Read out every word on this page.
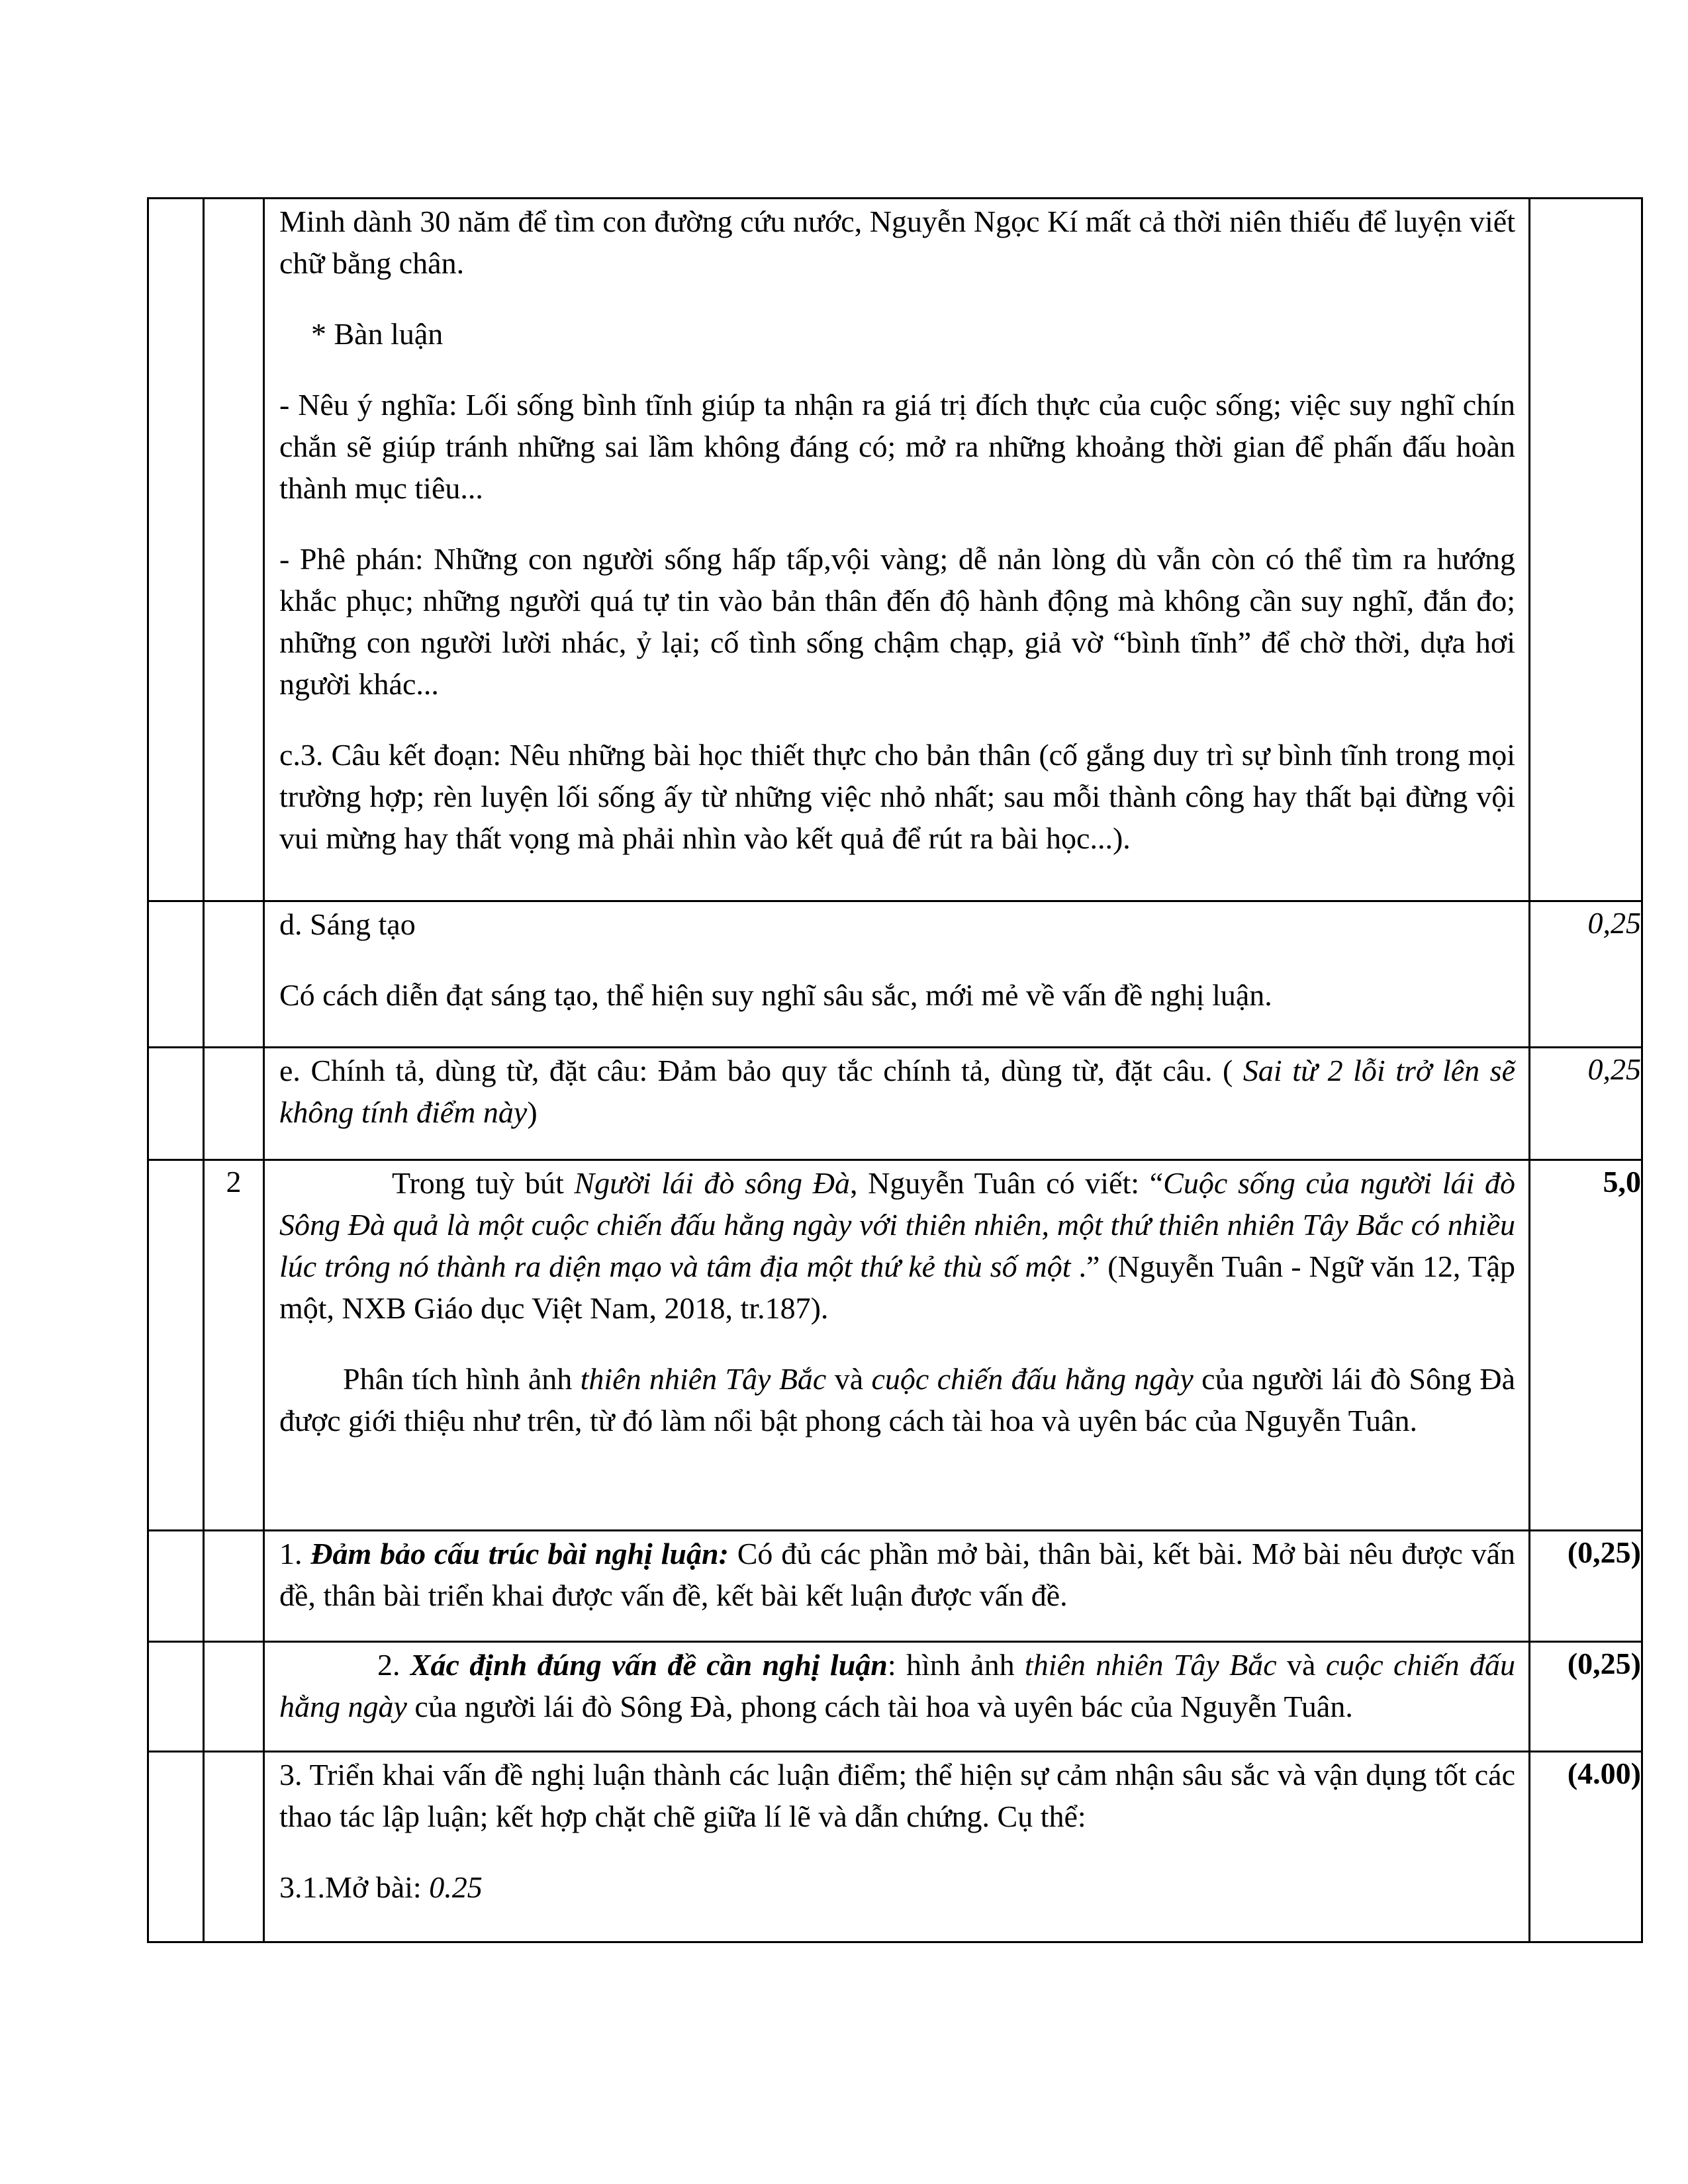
		Minh dành 30 năm để tìm con đường cứu nước, Nguyễn Ngọc Kí mất cả thời niên thiếu để luyện viết chữ bằng chân.

* Bàn luận

- Nêu ý nghĩa: Lối sống bình tĩnh giúp ta nhận ra giá trị đích thực của cuộc sống; việc suy nghĩ chín chắn sẽ giúp tránh những sai lầm không đáng có; mở ra những khoảng thời gian để phấn đấu hoàn thành mục tiêu...

- Phê phán: Những con người sống hấp tấp,vội vàng; dễ nản lòng dù vẫn còn có thể tìm ra hướng khắc phục; những người quá tự tin vào bản thân đến độ hành động mà không cần suy nghĩ, đắn đo; những con người lười nhác, ỷ lại; cố tình sống chậm chạp, giả vờ “bình tĩnh” để chờ thời, dựa hơi người khác...

c.3. Câu kết đoạn: Nêu những bài học thiết thực cho bản thân (cố gắng duy trì sự bình tĩnh trong mọi trường hợp; rèn luyện lối sống ấy từ những việc nhỏ nhất; sau mỗi thành công hay thất bại đừng vội vui mừng hay thất vọng mà phải nhìn vào kết quả để rút ra bài học...).	

		d. Sáng tạo

Có cách diễn đạt sáng tạo, thể hiện suy nghĩ sâu sắc, mới mẻ về vấn đề nghị luận.	0,25

		e. Chính tả, dùng từ, đặt câu: Đảm bảo quy tắc chính tả, dùng từ, đặt câu. ( Sai từ 2 lỗi trở lên sẽ không tính điểm này)	0,25
	2	Trong tuỳ bút Người lái đò sông Đà, Nguyễn Tuân có viết: “Cuộc sống của người lái đò Sông Đà quả là một cuộc chiến đấu hằng ngày với thiên nhiên, một thứ thiên nhiên Tây Bắc có nhiều lúc trông nó thành ra diện mạo và tâm địa một thứ kẻ thù số một .” (Nguyễn Tuân - Ngữ văn 12, Tập một, NXB Giáo dục Việt Nam, 2018, tr.187).

Phân tích hình ảnh thiên nhiên Tây Bắc và cuộc chiến đấu hằng ngày của người lái đò Sông Đà được giới thiệu như trên, từ đó làm nổi bật phong cách tài hoa và uyên bác của Nguyễn Tuân.	5,0

		1. Đảm bảo cấu trúc bài nghị luận: Có đủ các phần mở bài, thân bài, kết bài. Mở bài nêu được vấn đề, thân bài triển khai được vấn đề, kết bài kết luận được vấn đề.	(0,25)

		2. Xác định đúng vấn đề cần nghị luận: hình ảnh thiên nhiên Tây Bắc và cuộc chiến đấu hằng ngày của người lái đò Sông Đà, phong cách tài hoa và uyên bác của Nguyễn Tuân.	(0,25)

		3. Triển khai vấn đề nghị luận thành các luận điểm; thể hiện sự cảm nhận sâu sắc và vận dụng tốt các thao tác lập luận; kết hợp chặt chẽ giữa lí lẽ và dẫn chứng. Cụ thể:

3.1.Mở bài: 0.25	(4.00)
